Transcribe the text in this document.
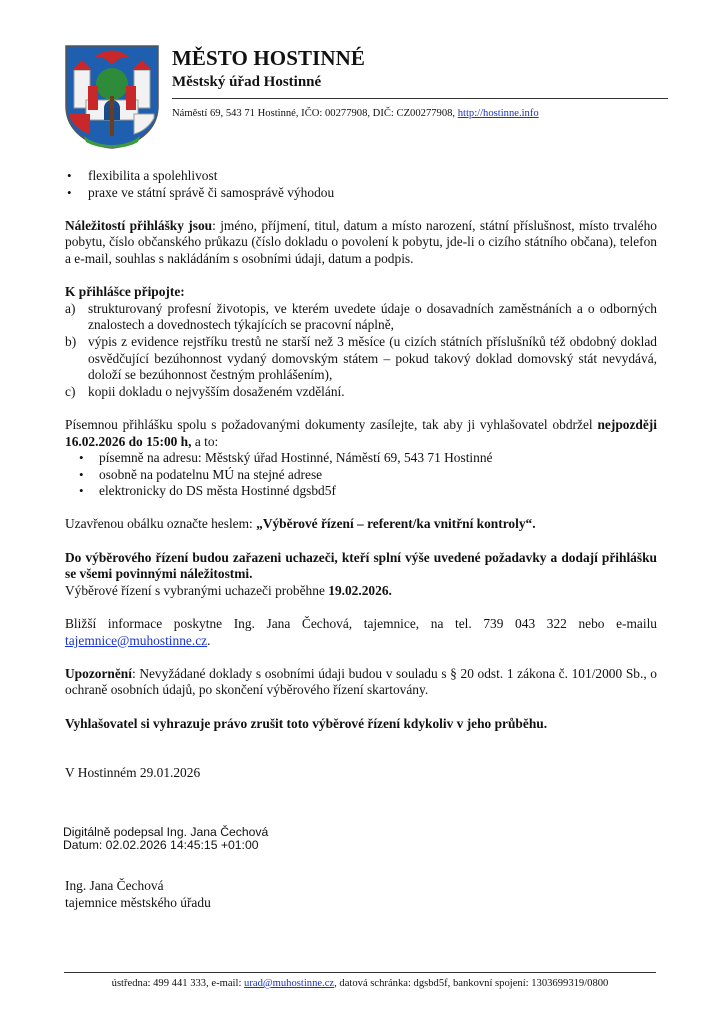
MĚSTO HOSTINNÉ
Městský úřad Hostinné
Náměstí 69, 543 71 Hostinné, IČO: 00277908, DIČ: CZ00277908, http://hostinne.info
• flexibilita a spolehlivost
• praxe ve státní správě či samosprávě výhodou

Náležitostí přihlášky jsou: jméno, příjmení, titul, datum a místo narození, státní příslušnost, místo trvalého pobytu, číslo občanského průkazu (číslo dokladu o povolení k pobytu, jde-li o cizího státního občana), telefon a e-mail, souhlas s nakládáním s osobními údaji, datum a podpis.

K přihlášce připojte:

a) strukturovaný profesní životopis, ve kterém uvedete údaje o dosavadních zaměstnáních a o odborných znalostech a dovednostech týkajících se pracovní náplně,
b) výpis z evidence rejstříku trestů ne starší než 3 měsíce (u cizích státních příslušníků též obdobný doklad osvědčující bezúhonnost vydaný domovským státem – pokud takový doklad domovský stát nevydává, doloží se bezúhonnost čestným prohlášením),
c) kopii dokladu o nejvyšším dosaženém vzdělání.

Písemnou přihlášku spolu s požadovanými dokumenty zasílejte, tak aby ji vyhlašovatel obdržel nejpozději 16.02.2026 do 15:00 h, a to:

• písemně na adresu: Městský úřad Hostinné, Náměstí 69, 543 71 Hostinné
• osobně na podatelnu MÚ na stejné adrese
• elektronicky do DS města Hostinné dgsbd5f

Uzavřenou obálku označte heslem: „Výběrové řízení – referent/ka vnitřní kontroly“.

Do výběrového řízení budou zařazeni uchazeči, kteří splní výše uvedené požadavky a dodají přihlášku se všemi povinnými náležitostmi.

Výběrové řízení s vybranými uchazeči proběhne 19.02.2026.

Bližší informace poskytne Ing. Jana Čechová, tajemnice, na tel. 739 043 322 nebo e-mailu tajemnice@muhostinne.cz.

Upozornění: Nevyžádané doklady s osobními údaji budou v souladu s § 20 odst. 1 zákona č. 101/2000 Sb., o ochraně osobních údajů, po skončení výběrového řízení skartovány.

Vyhlašovatel si vyhrazuje právo zrušit toto výběrové řízení kdykoliv v jeho průběhu.

V Hostinném 29.01.2026

Digitálně podepsal Ing. Jana Čechová
Datum: 02.02.2026 14:45:15 +01:00
Ing. Jana Čechová
tajemnice městského úřadu
ústředna: 499 441 333, e-mail: urad@muhostinne.cz, datová schránka: dgsbd5f, bankovní spojení: 1303699319/0800
